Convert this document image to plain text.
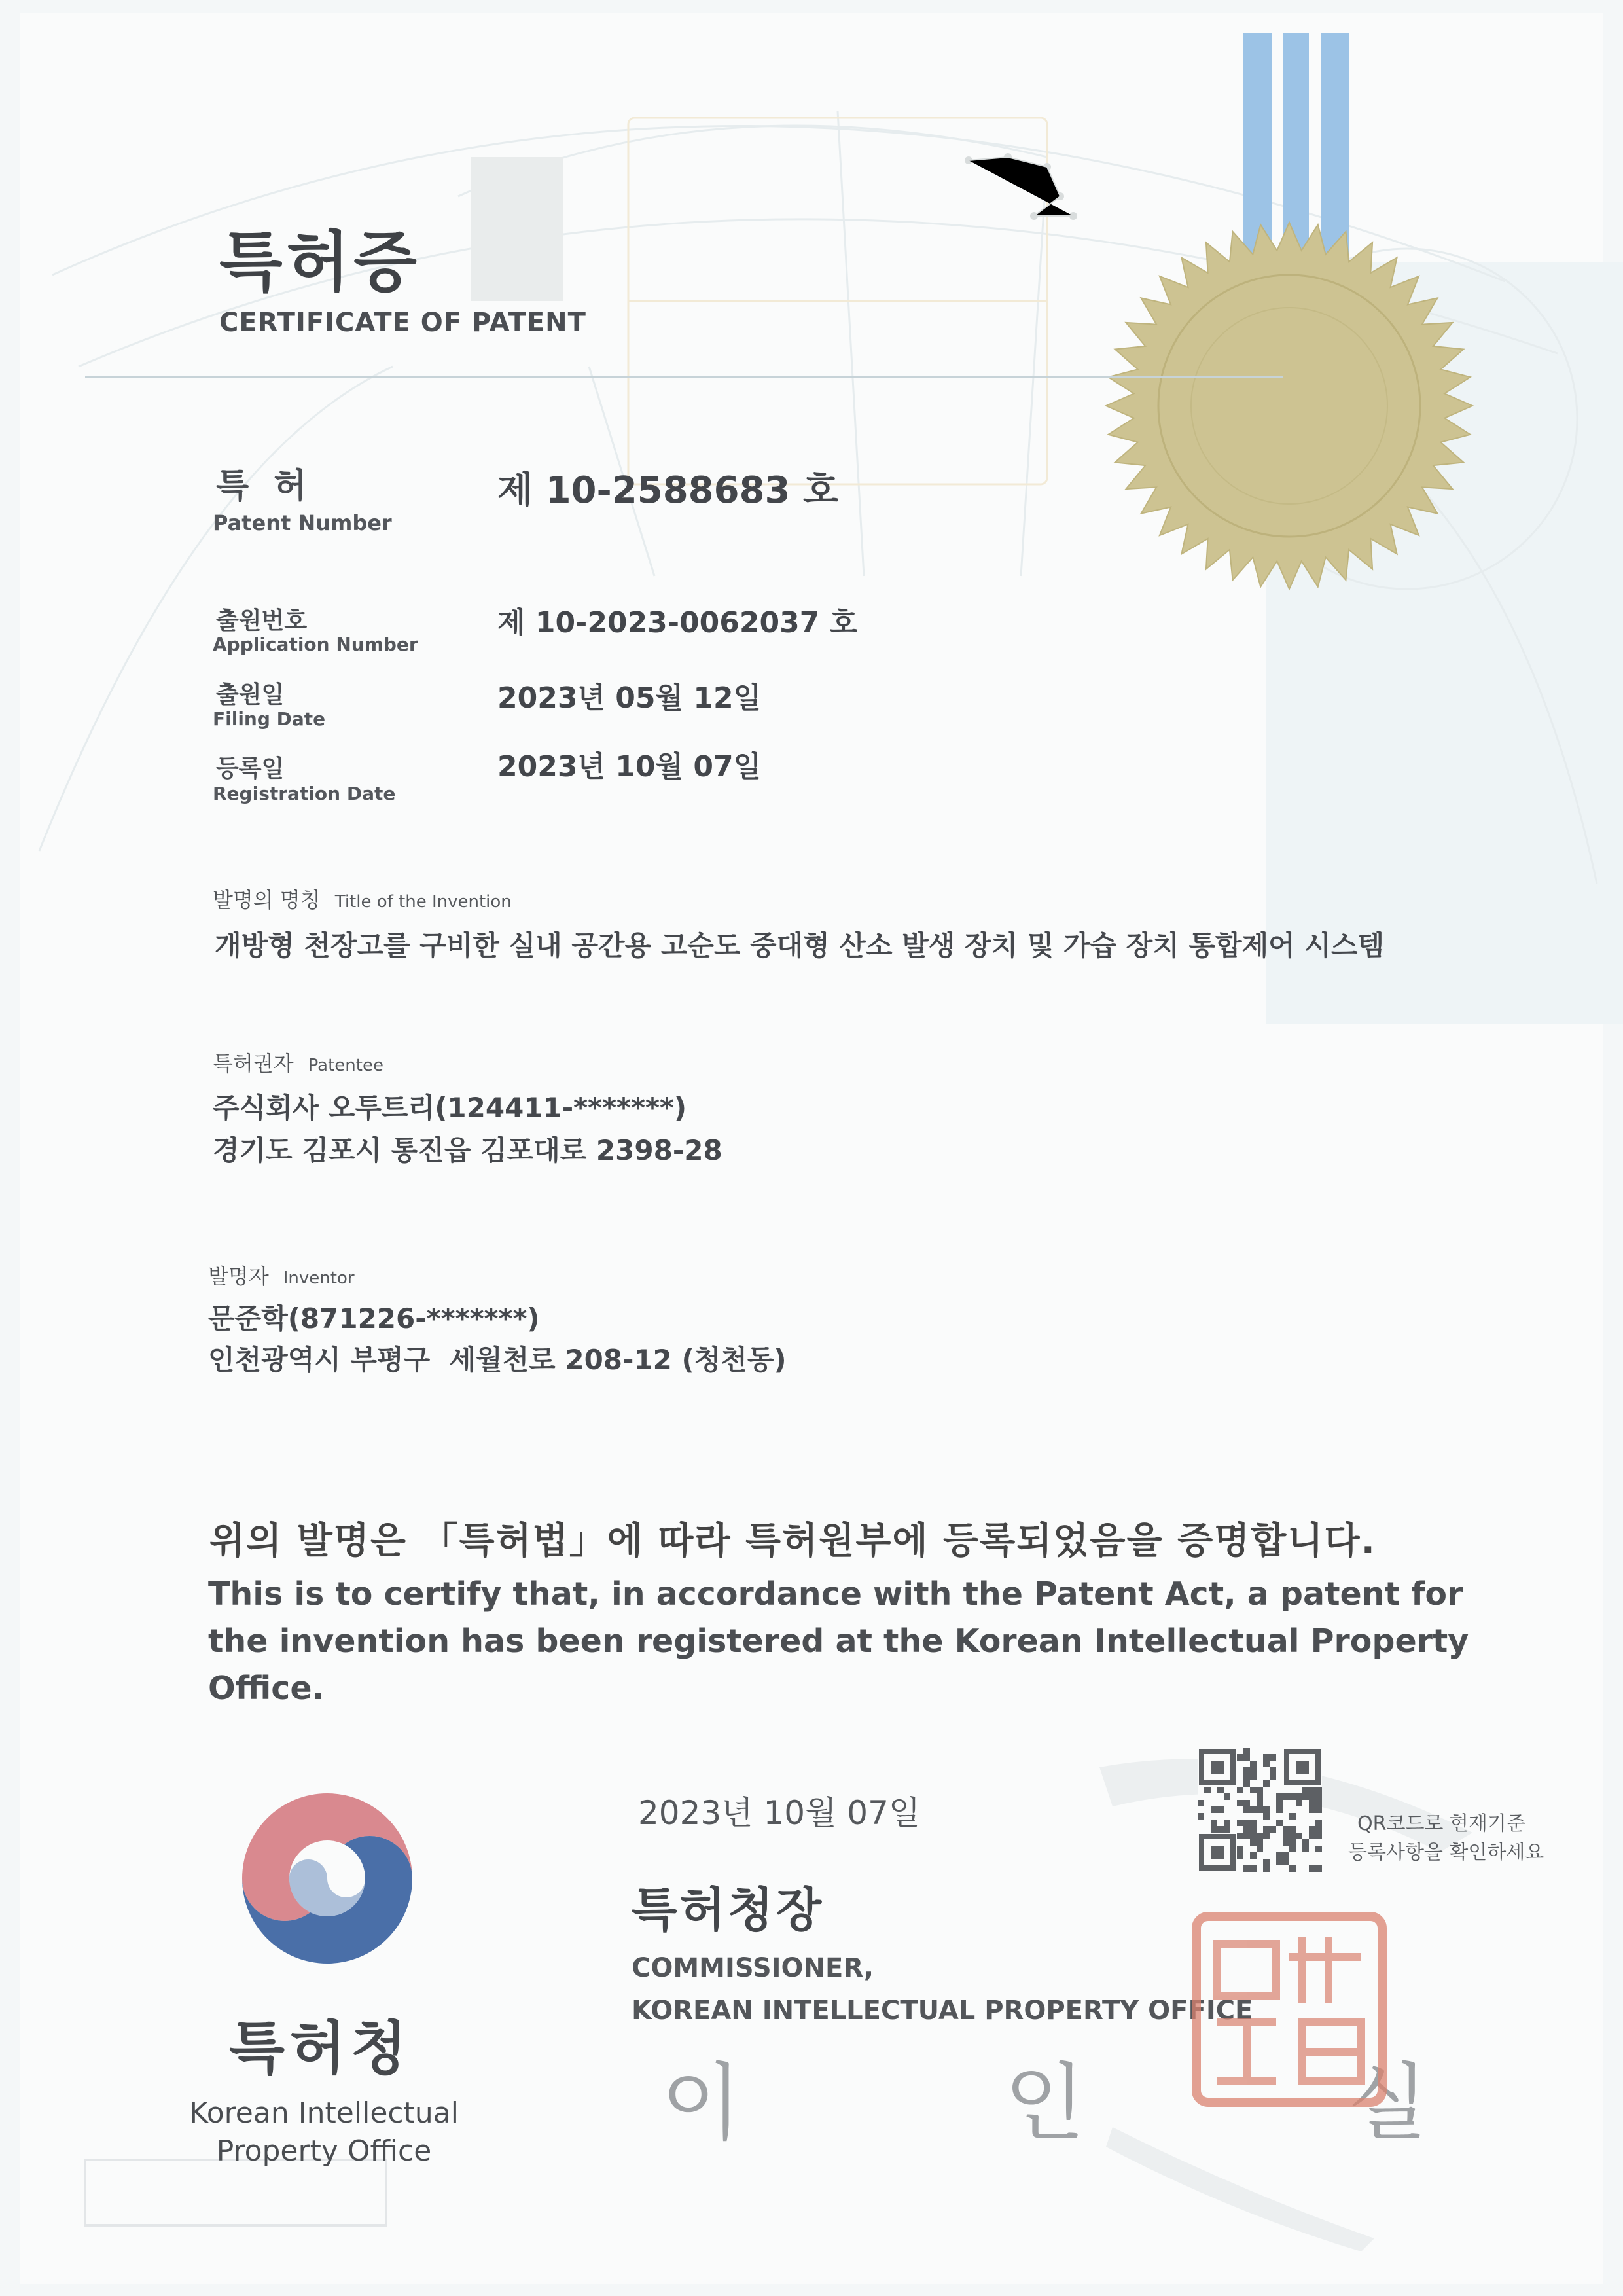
특허증
CERTIFICATE OF PATENT
특 허
Patent Number
제 10-2588683 호
출원번호
Application Number
제 10-2023-0062037 호
출원일
Filing Date
2023년 05월 12일
등록일
Registration Date
2023년 10월 07일
발명의 명칭 Title of the Invention
개방형 천장고를 구비한 실내 공간용 고순도 중대형 산소 발생 장치 및 가습 장치 통합제어 시스템
특허권자 Patentee
주식회사 오투트리(124411-*******)
경기도 김포시 통진읍 김포대로 2398-28
발명자 Inventor
문준학(871226-*******)
인천광역시 부평구  세월천로 208-12 (청천동)
위의 발명은 「특허법」에 따라 특허원부에 등록되었음을 증명합니다.
This is to certify that, in accordance with the Patent Act, a patent for the invention has been registered at the Korean Intellectual Property Office.
특허청
Korean Intellectual
Property Office
2023년 10월 07일
특허청장
COMMISSIONER,
KOREAN INTELLECTUAL PROPERTY OFFICE
이 인 실
QR코드로 현재기준
등록사항을 확인하세요
